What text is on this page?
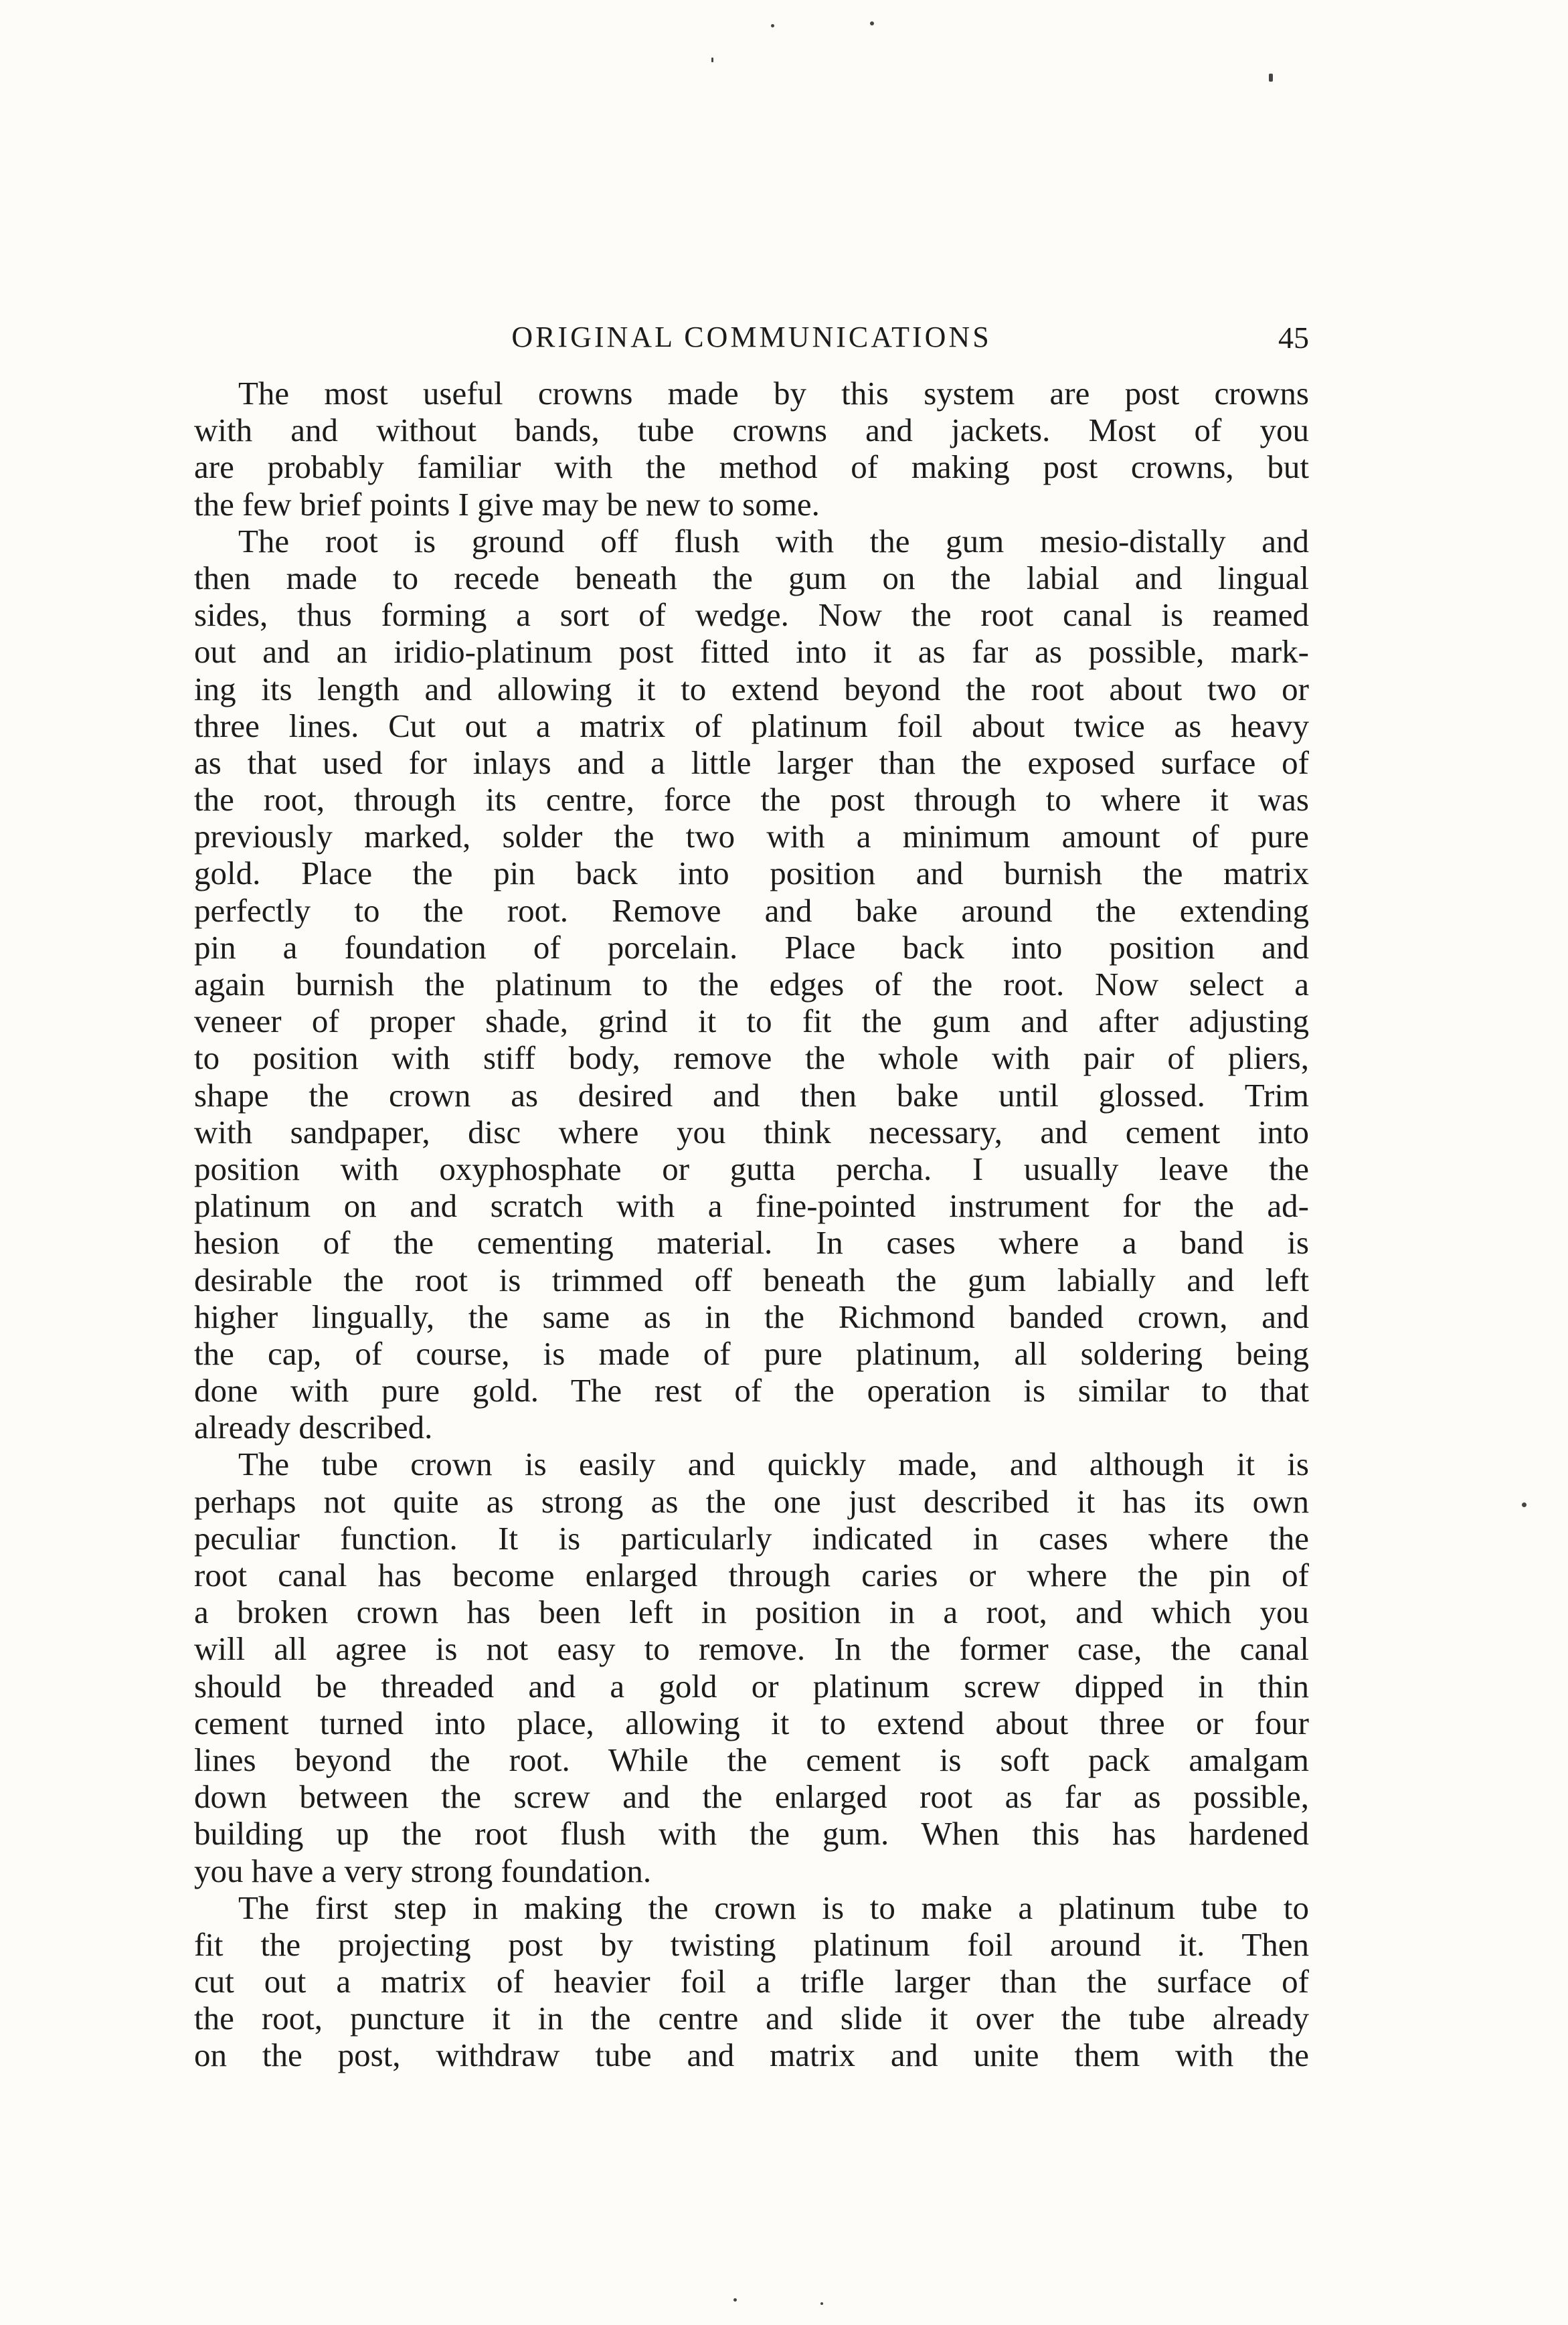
ORIGINAL COMMUNICATIONS	45
The most useful crowns made by this system are post crowns
with and without bands, tube crowns and jackets. Most of you
are probably familiar with the method of making post crowns, but
the few brief points I give may be new to some.
The root is ground off flush with the gum mesio-distally and
then made to recede beneath the gum on the labial and lingual
sides, thus forming a sort of wedge. Now the root canal is reamed
out and an iridio-platinum post fitted into it as far as possible, mark-
ing its length and allowing it to extend beyond the root about two or
three lines. Cut out a matrix of platinum foil about twice as heavy
as that used for inlays and a little larger than the exposed surface of
the root, through its centre, force the post through to where it was
previously marked, solder the two with a minimum amount of pure
gold. Place the pin back into position and burnish the matrix
perfectly to the root. Remove and bake around the extending
pin a foundation of porcelain. Place back into position and
again burnish the platinum to the edges of the root. Now select a
veneer of proper shade, grind it to fit the gum and after adjusting
to position with stiff body, remove the whole with pair of pliers,
shape the crown as desired and then bake until glossed. Trim
with sandpaper, disc where you think necessary, and cement into
position with oxyphosphate or gutta percha. I usually leave the
platinum on and scratch with a fine-pointed instrument for the ad-
hesion of the cementing material. In cases where a band is
desirable the root is trimmed off beneath the gum labially and left
higher lingually, the same as in the Richmond banded crown, and
the cap, of course, is made of pure platinum, all soldering being
done with pure gold. The rest of the operation is similar to that
already described.
The tube crown is easily and quickly made, and although it is
perhaps not quite as strong as the one just described it has its own
peculiar function. It is particularly indicated in cases where the
root canal has become enlarged through caries or where the pin of
a broken crown has been left in position in a root, and which you
will all agree is not easy to remove. In the former case, the canal
should be threaded and a gold or platinum screw dipped in thin
cement turned into place, allowing it to extend about three or four
lines beyond the root. While the cement is soft pack amalgam
down between the screw and the enlarged root as far as possible,
building up the root flush with the gum. When this has hardened
you have a very strong foundation.
The first step in making the crown is to make a platinum tube to
fit the projecting post by twisting platinum foil around it. Then
cut out a matrix of heavier foil a trifle larger than the surface of
the root, puncture it in the centre and slide it over the tube already
on the post, withdraw tube and matrix and unite them with the
